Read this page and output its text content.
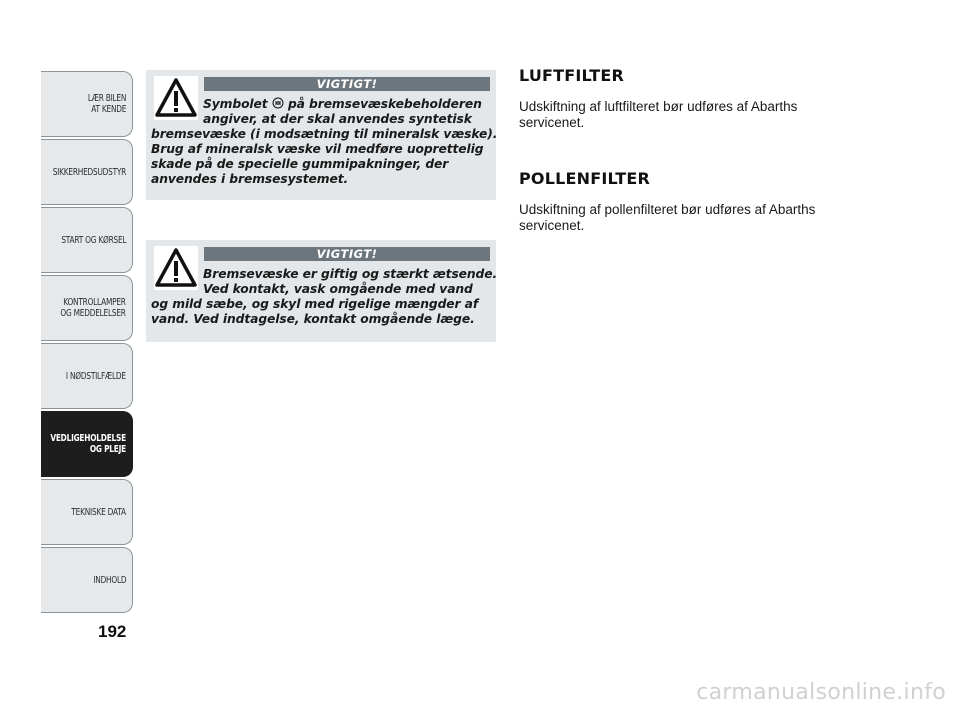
LÆR BILEN
AT KENDE
SIKKERHEDSUDSTYR
START OG KØRSEL
KONTROLLAMPER
OG MEDDELELSER
I NØDSTILFÆLDE
VEDLIGEHOLDELSE
OG PLEJE
TEKNISKE DATA
INDHOLD
192
VIGTIGT!
Symbolet  på bremsevæskebeholderen
angiver, at der skal anvendes syntetisk
bremsevæske (i modsætning til mineralsk væske).
Brug af mineralsk væske vil medføre uoprettelig
skade på de specielle gummipakninger, der
anvendes i bremsesystemet.
VIGTIGT!
Bremsevæske er giftig og stærkt ætsende.
Ved kontakt, vask omgående med vand
og mild sæbe, og skyl med rigelige mængder af
vand. Ved indtagelse, kontakt omgående læge.
LUFTFILTER

Udskiftning af luftfilteret bør udføres af Abarths
servicenet.

POLLENFILTER

Udskiftning af pollenfilteret bør udføres af Abarths
servicenet.

carmanualsonline.info
